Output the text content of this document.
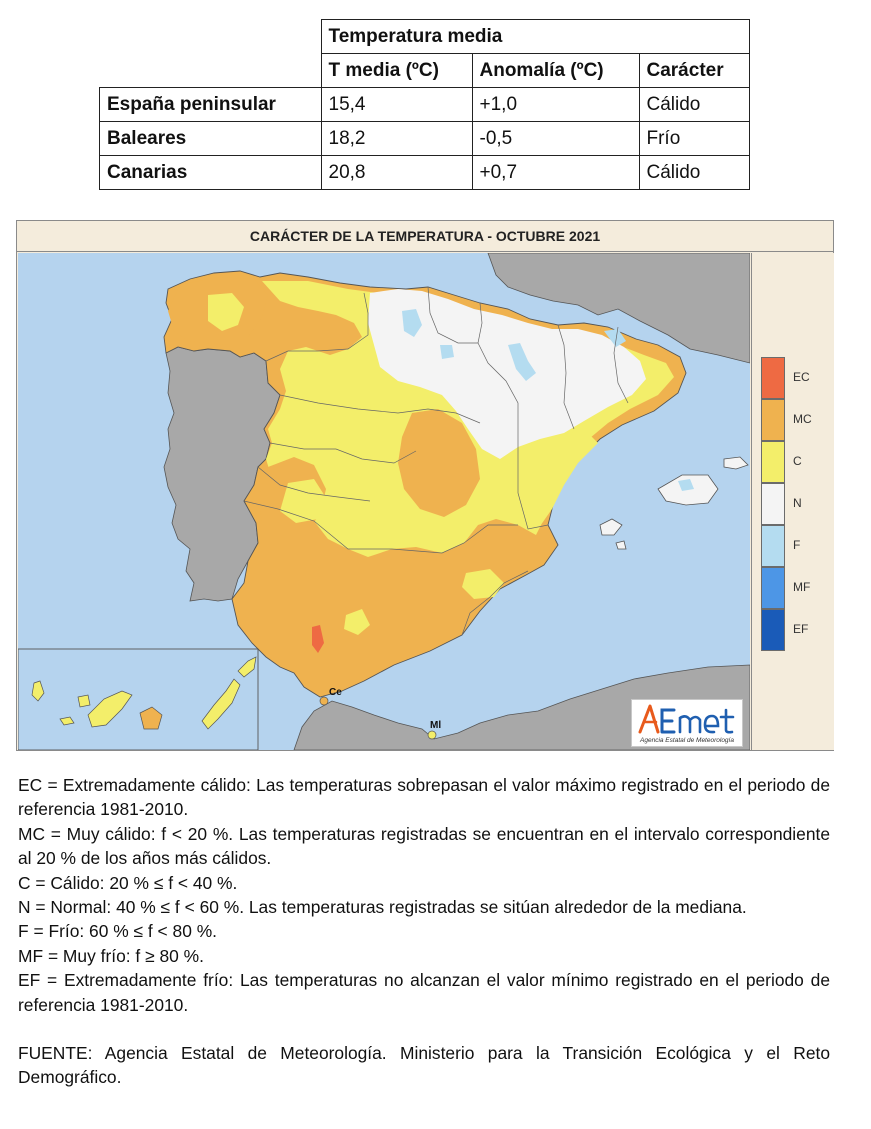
	Temperatura media		
	T media (ºC)	Anomalía (ºC)	Carácter
España peninsular	15,4	+1,0	Cálido
Baleares	18,2	-0,5	Frío
Canarias	20,8	+0,7	Cálido
CARÁCTER DE LA TEMPERATURA - OCTUBRE 2021
Ce
Ml
EC
MC
C
N
F
MF
EF
Agencia Estatal de Meteorología

EC = Extremadamente cálido: Las temperaturas sobrepasan el valor máximo registrado en el periodo de referencia 1981-2010.

MC = Muy cálido: f < 20 %. Las temperaturas registradas se encuentran en el intervalo correspondiente al 20 % de los años más cálidos.

C = Cálido: 20 % ≤ f < 40 %.

N = Normal: 40 % ≤ f < 60 %. Las temperaturas registradas se sitúan alrededor de la mediana.

F = Frío: 60 % ≤ f < 80 %.

MF = Muy frío: f ≥ 80 %.

EF = Extremadamente frío: Las temperaturas no alcanzan el valor mínimo registrado en el periodo de referencia 1981-2010.

FUENTE: Agencia Estatal de Meteorología. Ministerio para la Transición Ecológica y el Reto Demográfico.
